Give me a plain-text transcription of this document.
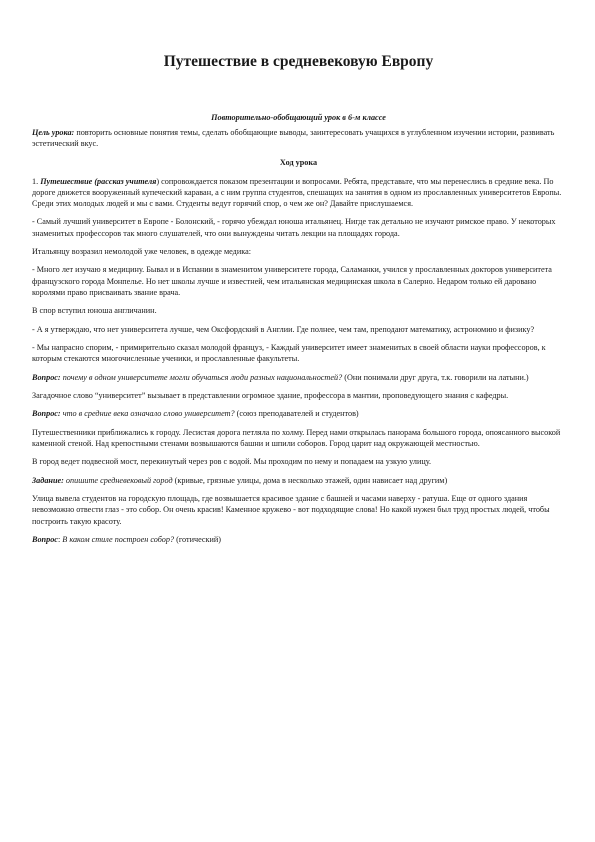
Путешествие в средневековую Европу

Повторительно-обобщающий урок в 6-м классе

Цель урока: повторить основные понятия темы, сделать обобщающие выводы, заинтересовать учащихся в углубленном изучении истории, развивать эстетический вкус.

Ход урока

1. Путешествие (рассказ учителя) сопровождается показом презентации и вопросами. Ребята, представьте, что мы перенеслись в средние века. По дороге движется вооруженный купеческий караван, а с ним группа студентов, спешащих на занятия в одном из прославленных университетов Европы. Среди этих молодых людей и мы с вами. Студенты ведут горячий спор, о чем же он? Давайте прислушаемся.

- Самый лучший университет в Европе - Болонский, - горячо убеждал юноша итальянец. Нигде так детально не изучают римское право. У некоторых знаменитых профессоров так много слушателей, что они вынуждены читать лекции на площадях города.

Итальянцу возразил немолодой уже человек, в одежде медика:

- Много лет изучаю я медицину. Бывал и в Испании в знаменитом университете города, Саламанки, учился у прославленных докторов университета французского города Монпелье. Но нет школы лучше и известней, чем итальянская медицинская школа в Салерно. Недаром только ей даровано королями право присваивать звание врача.

В спор вступил юноша англичанин.

- А я утверждаю, что нет университета лучше, чем Оксфордский в Англии. Где полнее, чем там, преподают математику, астрономию и физику?

- Мы напрасно спорим, - примирительно сказал молодой француз, - Каждый университет имеет знаменитых в своей области науки профессоров, к которым стекаются многочисленные ученики, и прославленные факультеты.

Вопрос: почему в одном университете могли обучаться люди разных национальностей? (Они понимали друг друга, т.к. говорили на латыни.)

Загадочное слово “университет” вызывает в представлении огромное здание, профессора в мантии, проповедующего знания с кафедры.

Вопрос: что в средние века означало слово университет? (союз преподавателей и студентов)

Путешественники приближались к городу. Лесистая дорога петляла по холму. Перед нами открылась панорама большого города, опоясанного высокой каменной стеной. Над крепостными стенами возвышаются башни и шпили соборов. Город царит над окружающей местностью.

В город ведет подвесной мост, перекинутый через ров с водой. Мы проходим по нему и попадаем на узкую улицу.

Задание: опишите средневековый город (кривые, грязные улицы, дома в несколько этажей, один нависает над другим)

Улица вывела студентов на городскую площадь, где возвышается красивое здание с башней и часами наверху - ратуша. Еще от одного здания невозможно отвести глаз - это собор. Он очень красив! Каменное кружево - вот подходящие слова! Но какой нужен был труд простых людей, чтобы построить такую красоту.

Вопрос: В каком стиле построен собор? (готический)
